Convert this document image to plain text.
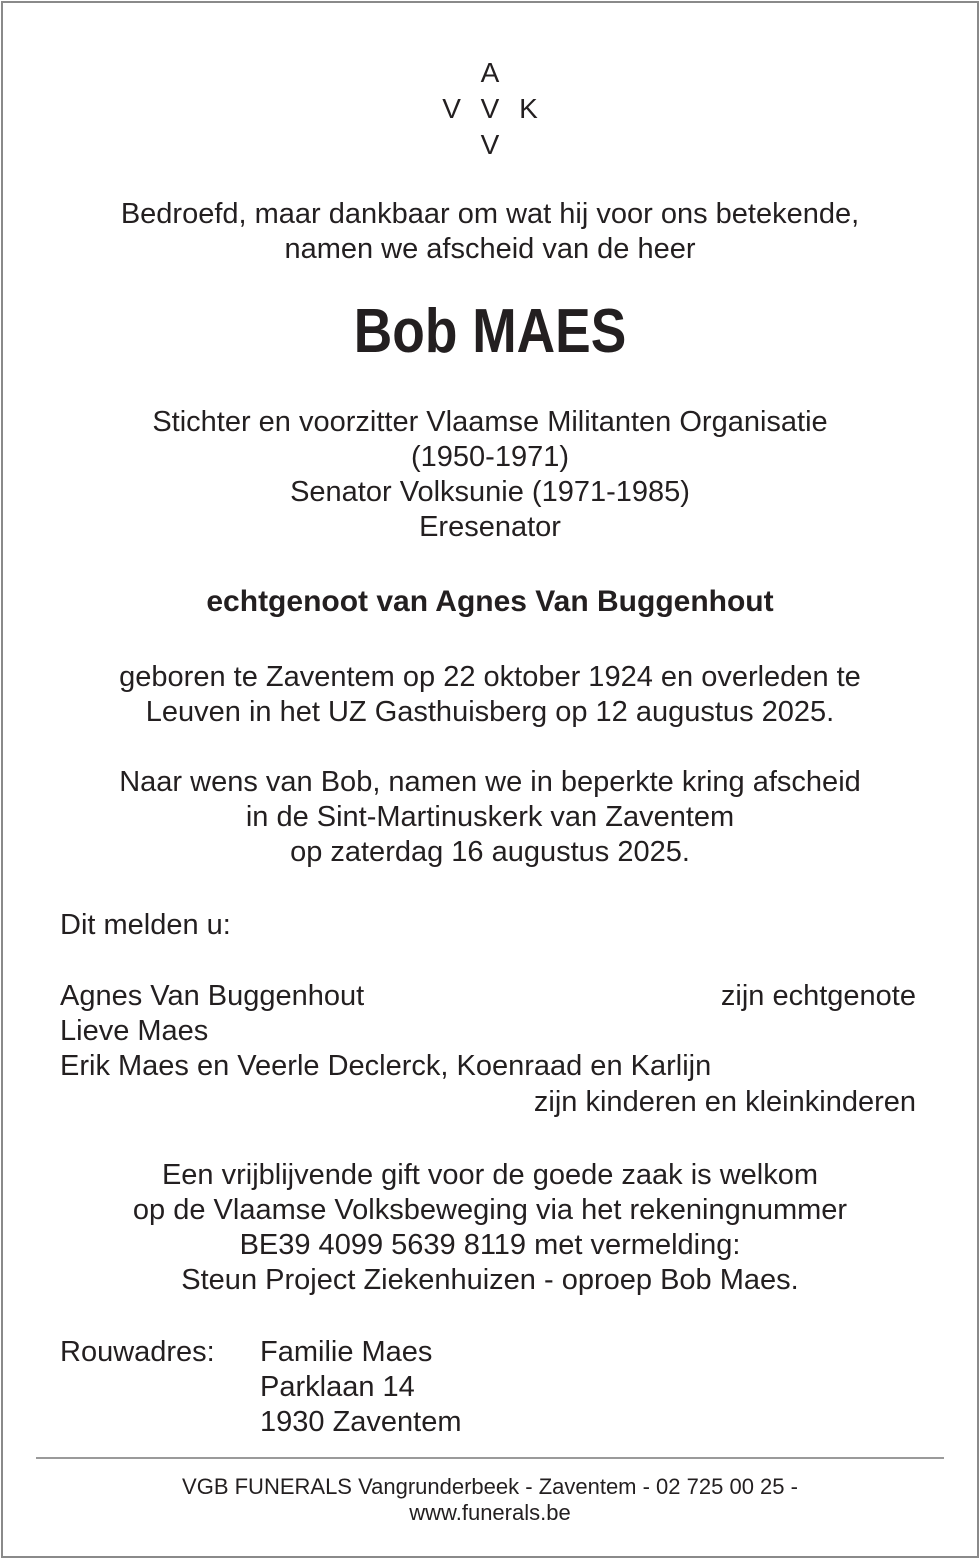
A
V V K
V
Bedroefd, maar dankbaar om wat hij voor ons betekende,
namen we afscheid van de heer
Bob MAES
Stichter en voorzitter Vlaamse Militanten Organisatie
(1950-1971)
Senator Volksunie (1971-1985)
Eresenator
echtgenoot van Agnes Van Buggenhout
geboren te Zaventem op 22 oktober 1924 en overleden te
Leuven in het UZ Gasthuisberg op 12 augustus 2025.
Naar wens van Bob, namen we in beperkte kring afscheid
in de Sint-Martinuskerk van Zaventem
op zaterdag 16 augustus 2025.
Dit melden u:
Agnes Van Buggenhout	zijn echtgenote
Lieve Maes
Erik Maes en Veerle Declerck, Koenraad en Karlijn
zijn kinderen en kleinkinderen
Een vrijblijvende gift voor de goede zaak is welkom
op de Vlaamse Volksbeweging via het rekeningnummer
BE39 4099 5639 8119 met vermelding:
Steun Project Ziekenhuizen - oproep Bob Maes.
Rouwadres: Familie Maes
Parklaan 14
1930 Zaventem
VGB FUNERALS Vangrunderbeek - Zaventem - 02 725 00 25 -
www.funerals.be
